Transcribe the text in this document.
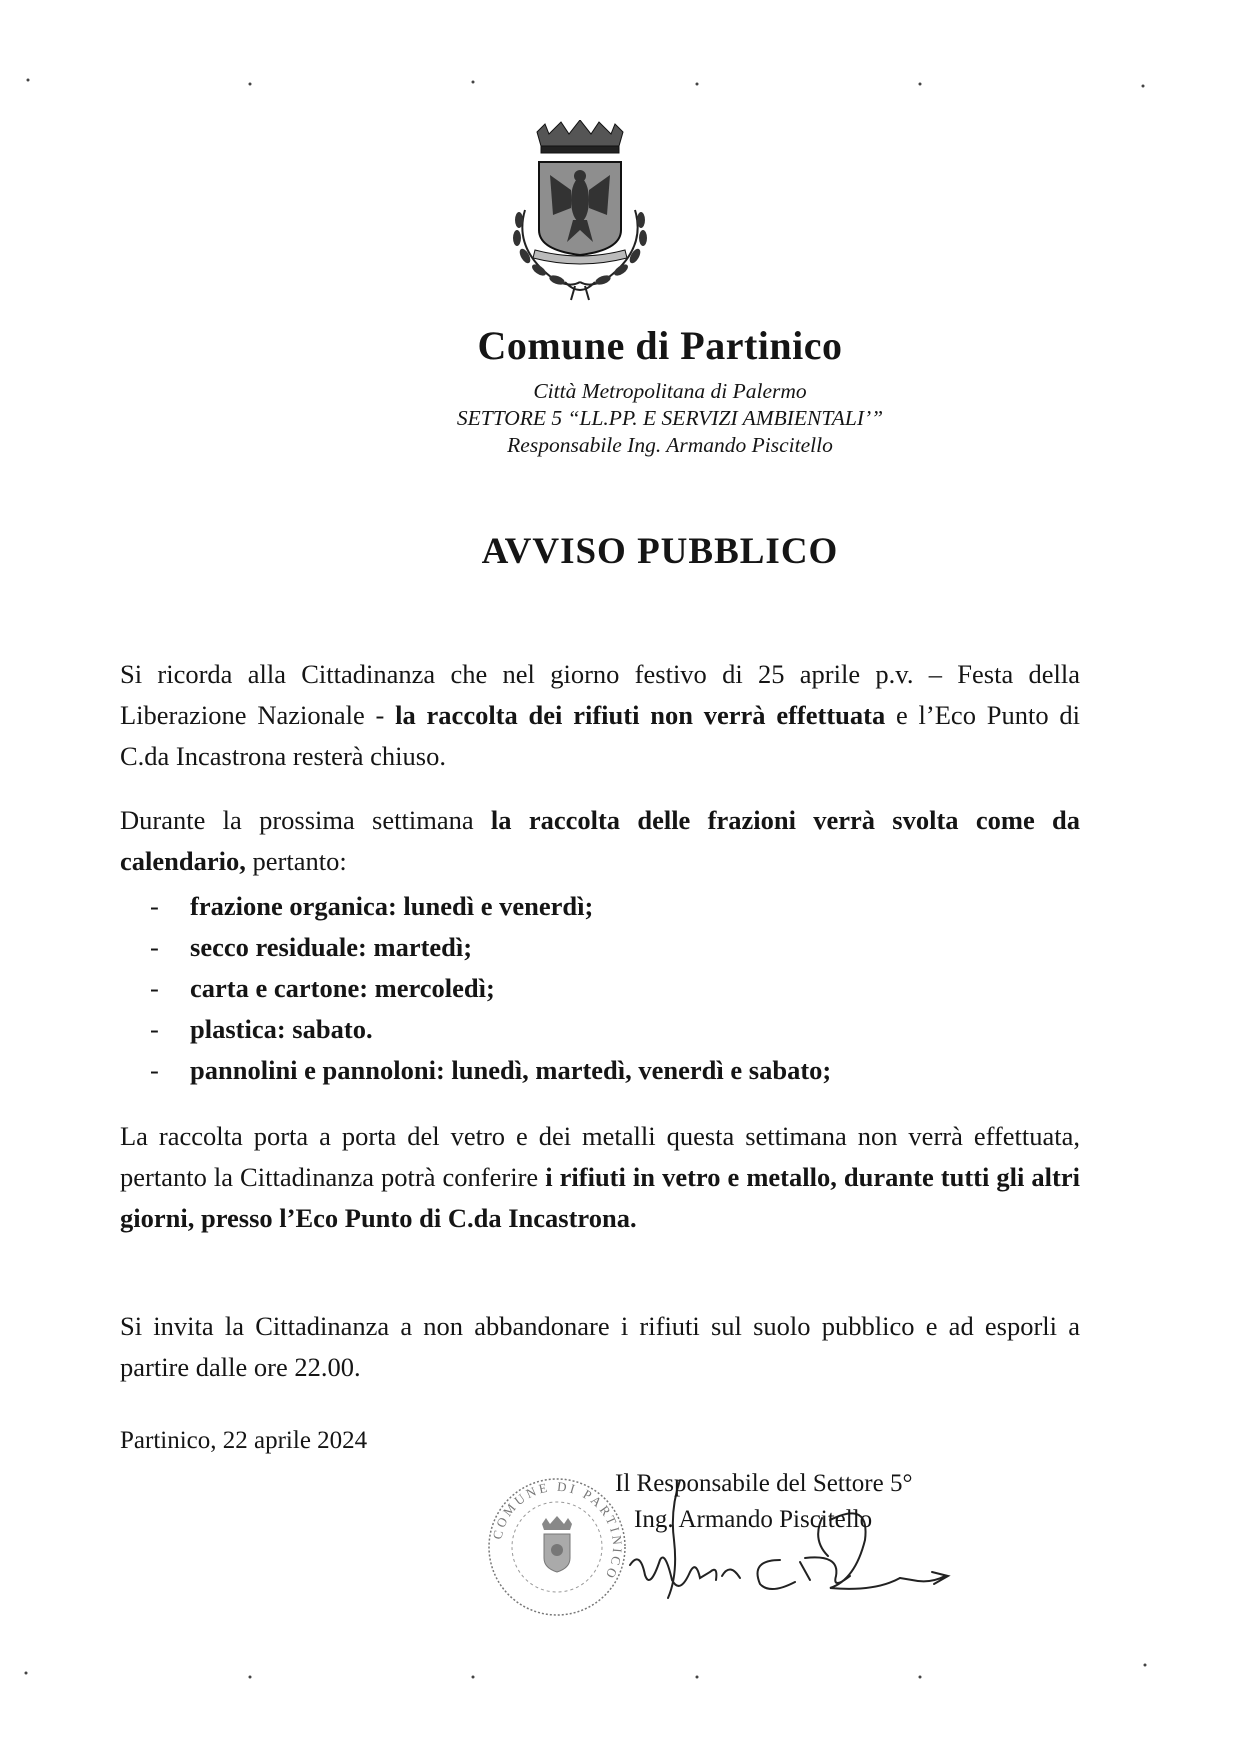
Comune di Partinico
Città Metropolitana di Palermo
SETTORE 5 “LL.PP. E SERVIZI AMBIENTALI’”
Responsabile Ing. Armando Piscitello
AVVISO PUBBLICO

Si ricorda alla Cittadinanza che nel giorno festivo di 25 aprile p.v. – Festa della Liberazione Nazionale - la raccolta dei rifiuti non verrà effettuata e l’Eco Punto di C.da Incastrona resterà chiuso.

Durante la prossima settimana la raccolta delle frazioni verrà svolta come da calendario, pertanto:

- frazione organica: lunedì e venerdì;
- secco residuale: martedì;
- carta e cartone: mercoledì;
- plastica: sabato.
- pannolini e pannoloni: lunedì, martedì, venerdì e sabato;

La raccolta porta a porta del vetro e dei metalli questa settimana non verrà effettuata, pertanto la Cittadinanza potrà conferire i rifiuti in vetro e metallo, durante tutti gli altri giorni, presso l’Eco Punto di C.da Incastrona.

Si invita la Cittadinanza a non abbandonare i rifiuti sul suolo pubblico e ad esporli a partire dalle ore 22.00.

Partinico, 22 aprile 2024
COMUNE DI PARTINICO
Il Responsabile del Settore 5°
Ing. Armando Piscitello
